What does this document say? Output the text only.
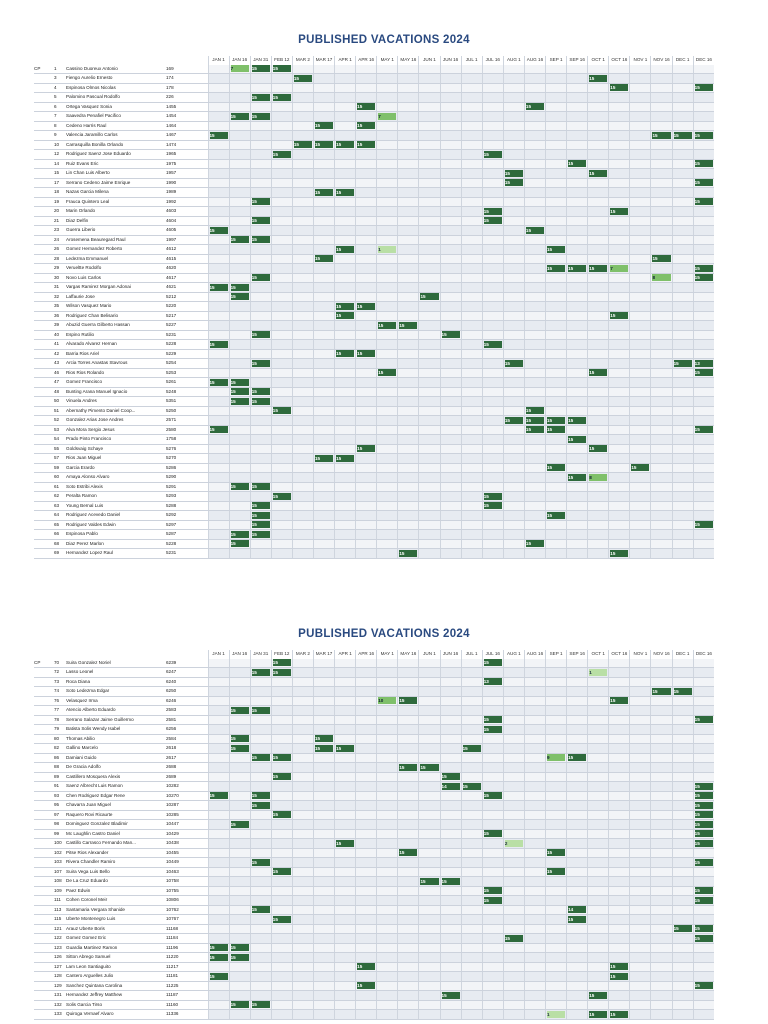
PUBLISHED VACATIONS 2024
					JAN 1	JAN 16	JAN 31	FEB 12	MAR 2	MAR 17	APR 1	APR 16	MAY 1	MAY 16	JUN 1	JUN 16	JUL 1	JUL 16	AUG 1	AUG 16	SEP 1	SEP 16	OCT 1	OCT 16	NOV 1	NOV 16	DEC 1	DEC 16
CP	1	Cassino Duoreux Antonio	169			7	15	15																				

	3	Fiengo Aurelio Ernesto	174						15														15					

	4	Espinosa Olmos Nicolas	178																					15				15

	5	Palomino Pascual Rodolfo	226				15	15																				

	6	Ortega Vasquez Sonia	1455									15								15								

	7	Saavedra Penafiel Pacifico	1454			15	15						7															

	8	Cedeno Harris Raul	1464							15		15																

	9	Valencia Jaramillo Carlos	1467		15																					15	15	15

	10	Carrasquilla Bonilla Orlando	1474						15	15	15	15																

	12	Rodriguez Saenz Jose Eduardo	1965					15										15										

	14	Ruiz Evans Eric	1975																			15						15

	15	Lin Chan Luis Alberto	1957																15				15					

	17	Serrano Cedeno Jaime Enrique	1990																15									15

	18	Nazas Garcia Milena	1989							15	15																	

	19	Frauca Quintero Leal	1992				15																					15

	20	Marin Orlando	4603															15						15				

	21	Diaz Delfin	4604				15											15										

	23	Guerra Liberio	4605		15															15								

	24	Arosemena Beauregard Raul	1997			15	15																					

	26	Gomez Hernandez Roberto	4612								15		1								15							

	28	Ledezma Emmanuel	4615							15																15		

	29	Verueltte Rodolfo	4620																		15	15	15	7				15

	30	Novo Luis Carlos	4617				15																			8		15

	31	Vargas Ramirez Morgan Adonai	4621		15	15																						

	32	Laffaurie Jose	5212			15									15													

	35	Wilson Vasquez Mario	5220								15	15																

	36	Rodriguez Chan Belisario	5217								15													15				

	39	Abuzid Guerra Gilberto Hassan	5227										15	15														

	40	Espino Rutilio	5231				15									15												

	41	Alvarado Alvarez Hernan	5228		15													15										

	42	Barria Rios Ariel	5229								15	15																

	43	Arcia Torres Anastas Stavrous	5254				15												15								15	13

	46	Rios Rios Rolando	5253										15										15					15

	47	Gomez Francisco	5261		15	15																						

	48	Bunting Arana Manuel Ignacio	5248			15	15																					

	50	Vinuela Andres	5351			15	15																					

	51	Abernathy Pimento Daniel Coop...	5250					15												15								

	52	Gonzalez Arias Jose Andres	2571																15	15	15	15						

	53	Alva Mora Sergio Jesus	2580		15															15	15							15

	54	Prado Pinto Francisco	1758																			15						

	55	Goldsvaig Schaye	5276									15											15					

	57	Rios Juan Miguel	5270							15	15																	

	59	Garcia Erardo	5286																		15				15			

	60	Amaya Alonso Alvaro	5290																			15	8					

	61	Soto Estribi Alexis	5291			15	15																					

	62	Peralta Ramon	5293					15										15										

	63	Young Bernal Luis	5288				15											15										

	64	Rodriguez Acevedo Daniel	5292				15														15							

	65	Rodriguez Valdes Edwin	5297				15																					15

	66	Espinosa Pablo	5287			15	15																					

	68	Diaz Perez Marlon	5228			15														15								

	69	Hernandez Lopez Raul	5231											15										15				

PUBLISHED VACATIONS 2024
					JAN 1	JAN 16	JAN 31	FEB 12	MAR 2	MAR 17	APR 1	APR 16	MAY 1	MAY 16	JUN 1	JUN 16	JUL 1	JUL 16	AUG 1	AUG 16	SEP 1	SEP 16	OCT 1	OCT 16	NOV 1	NOV 16	DEC 1	DEC 16
CP	70	Suira Gonzalez Noriel	6239					15										15										

	72	Lasso Leonel	6247				15	15															1					

	73	Roca Diana	6240															13										

	74	Soto Ledezma Edgar	6250																							15	15	

	76	Velasquez Irma	6246										10	15										15				

	77	Atencio Alberto Eduardo	2583			15	15																					

	78	Serrano Salazar Jaime Guillermo	2581															15										15

	79	Batista Solis Wendy Isabel	6256															15										

	80	Thomas Abilio	2584			15				15																		

	82	Gallino Marcelo	2618			15				15	15						15											

	86	Damiani Guido	2617				15	15													9	15						

	88	De Gracia Adolfo	2688											15	15													

	89	Castillero Mosquera Alexis	2689					15								15												

	91	Saenz Albrecht Luis Ramon	10282													14	15											15

	93	Chen Rodriguez Edgar Rene	10270		15		15											15										15

	95	Chavarra Juan Miguel	10287				15																					15

	97	Raquero Rovi Ricaurte	10285					15																				15

	98	Dominguez Gonzalez Bladimir	10447			15																						15

	99	Mc Laughlin Castro Daniel	10429															15										15

	100	Castillo Carrasco Fernando Man...	10438								15								2									15

	102	Pitse Rios Alexander	10455											15							15							

	103	Rivera Chandler Ramiro	10449				15																					15

	107	Suira Vega Luis Bello	10463					15													15							

	108	De La Cruz Eduardo	10758												15	15												

	109	Paez Edwin	10755															15										15

	111	Cohen Coronel Meir	10806															15										15

	113	Santamaria Vergara Shanide	10762				15															14						

	115	Uberte Montenegro Luis	10767					15														15						

	121	Arauz Uberte Boris	11168																								15	15

	122	Gomez Gomez Eric	11184																15									15

	123	Guardia Martinez Ramon	11196		15	15																						

	126	Sitton Abrego Samuel	11220		15	15																						

	127	Lam Leon Santiaguito	11217									15												15				

	128	Cantero Arguelles Julio	11181		15																			15				

	129	Sanchez Quintana Carolina	11225									15																15

	131	Hernandez Jeffrey Matthew	11187													15							15					

	132	Solis Garcia Tirso	11160			15	15																					

	133	Quiroga Vernaef Alvaro	11336																		1		15	15				
